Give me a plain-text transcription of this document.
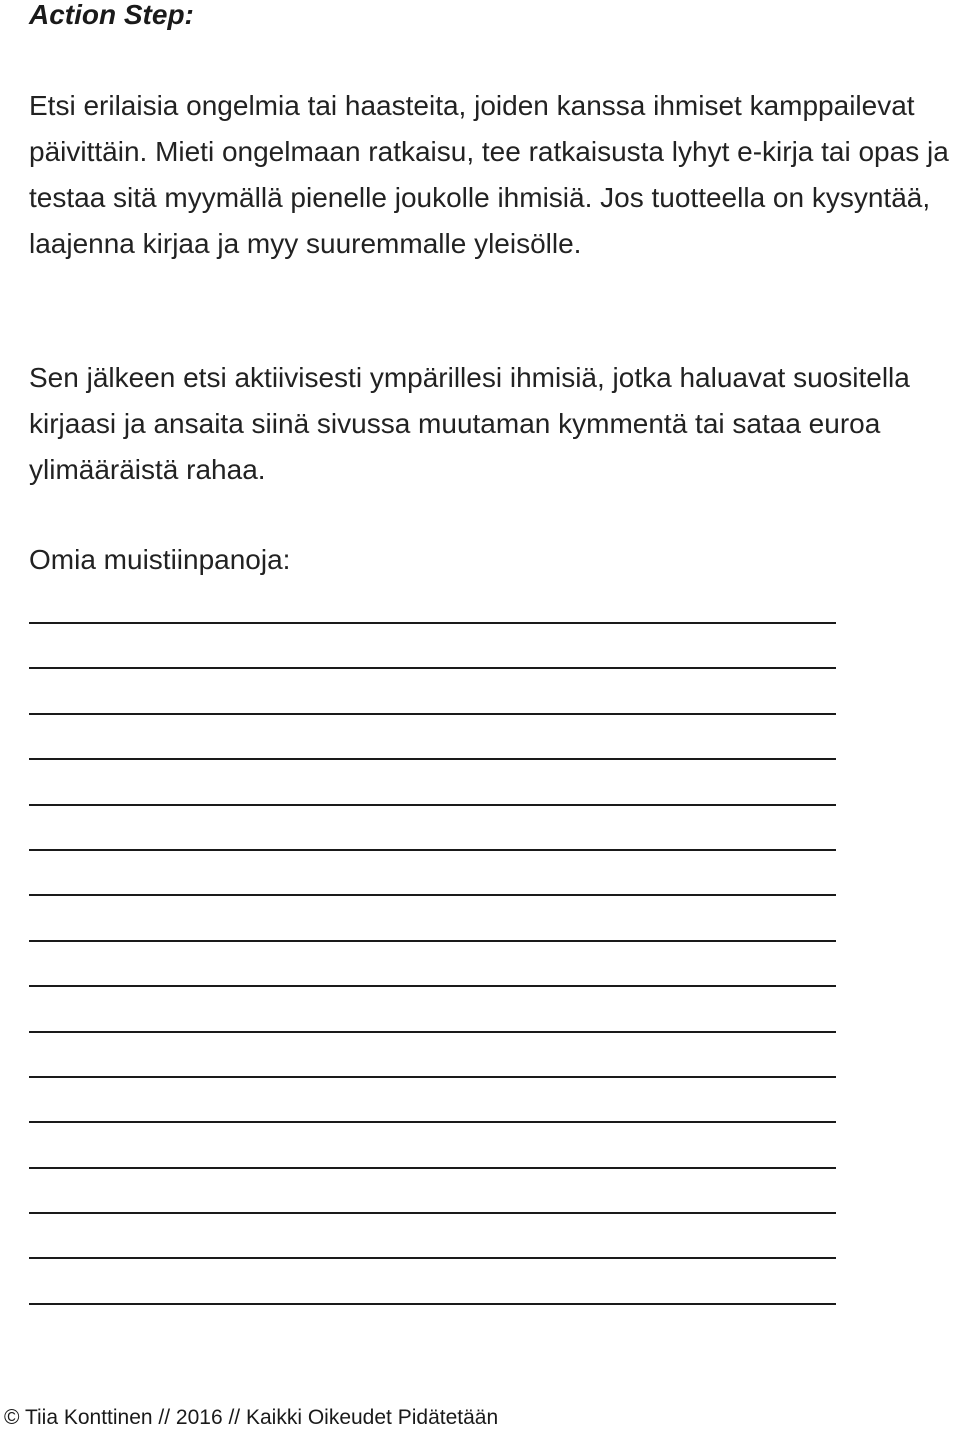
Action Step:

Etsi erilaisia ongelmia tai haasteita, joiden kanssa ihmiset kamppailevat päivittäin. Mieti ongelmaan ratkaisu, tee ratkaisusta lyhyt e-kirja tai opas ja testaa sitä myymällä pienelle joukolle ihmisiä. Jos tuotteella on kysyntää, laajenna kirjaa ja myy suuremmalle yleisölle.

Sen jälkeen etsi aktiivisesti ympärillesi ihmisiä, jotka haluavat suositella kirjaasi ja ansaita siinä sivussa muutaman kymmentä tai sataa euroa ylimääräistä rahaa.

Omia muistiinpanoja:

© Tiia Konttinen // 2016 // Kaikki Oikeudet Pidätetään
